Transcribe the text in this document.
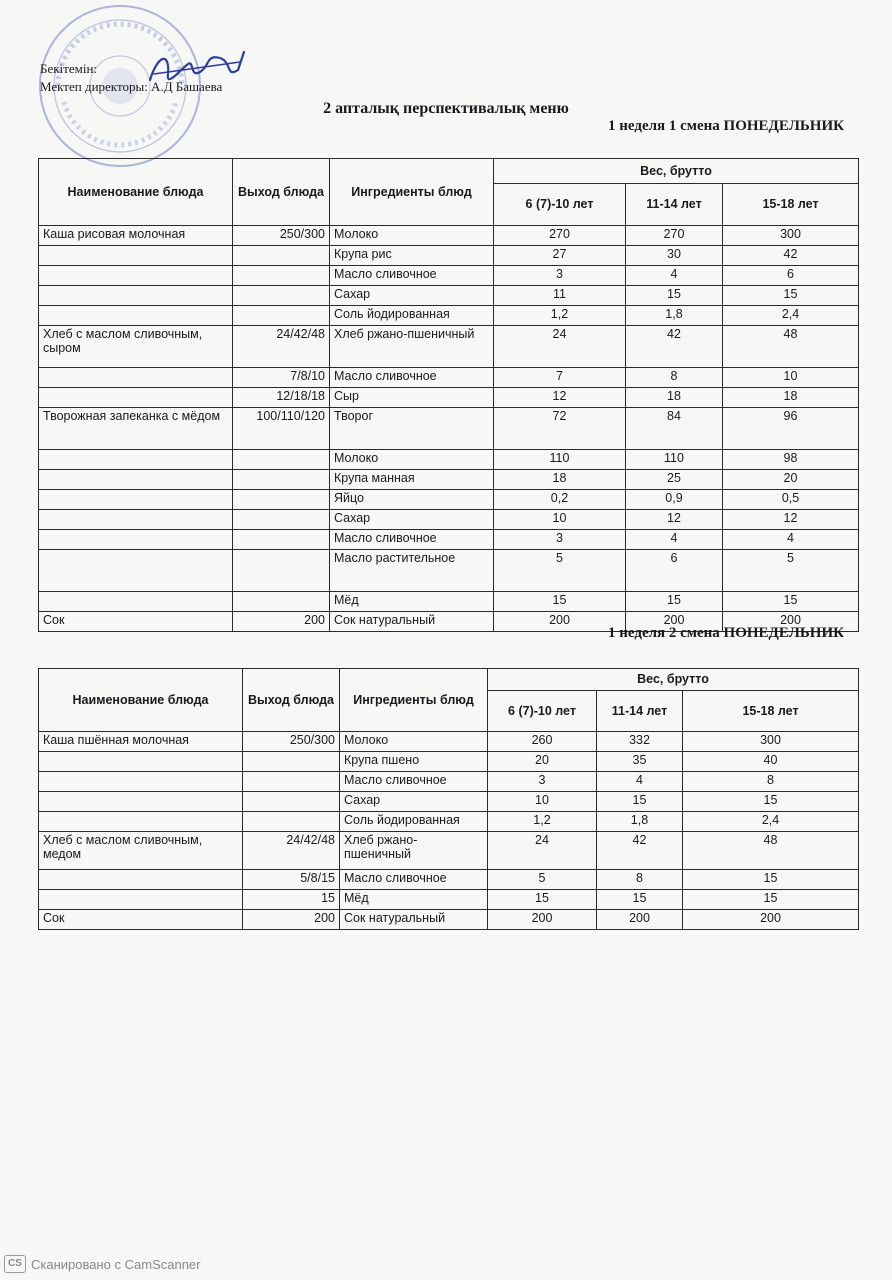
Бекітемін:
Мектеп директоры: А.Д Башаева
2 апталық перспективалық меню
1 неделя 1 смена ПОНЕДЕЛЬНИК
Наименование блюда	Выход блюда	Ингредиенты блюд	Вес, брутто		
			6 (7)-10 лет	11-14 лет	15-18 лет
Каша рисовая молочная	250/300	Молоко	270	270	300
		Крупа рис	27	30	42
		Масло сливочное	3	4	6
		Сахар	11	15	15
		Соль йодированная	1,2	1,8	2,4
Хлеб с маслом сливочным, сыром	24/42/48	Хлеб ржано-пшеничный	24	42	48
	7/8/10	Масло сливочное	7	8	10
	12/18/18	Сыр	12	18	18
Творожная запеканка с мёдом	100/110/120	Творог	72	84	96
		Молоко	110	110	98
		Крупа манная	18	25	20
		Яйцо	0,2	0,9	0,5
		Сахар	10	12	12
		Масло сливочное	3	4	4
		Масло растительное	5	6	5
		Мёд	15	15	15
Сок	200	Сок натуральный	200	200	200
1 неделя 2 смена ПОНЕДЕЛЬНИК
Наименование блюда	Выход блюда	Ингредиенты блюд	Вес, брутто		
			6 (7)-10 лет	11-14 лет	15-18 лет
Каша пшённая молочная	250/300	Молоко	260	332	300
		Крупа пшено	20	35	40
		Масло сливочное	3	4	8
		Сахар	10	15	15
		Соль йодированная	1,2	1,8	2,4
Хлеб с маслом сливочным, медом	24/42/48	Хлеб ржано-пшеничный	24	42	48
	5/8/15	Масло сливочное	5	8	15
	15	Мёд	15	15	15
Сок	200	Сок натуральный	200	200	200
CS Сканировано с CamScanner
